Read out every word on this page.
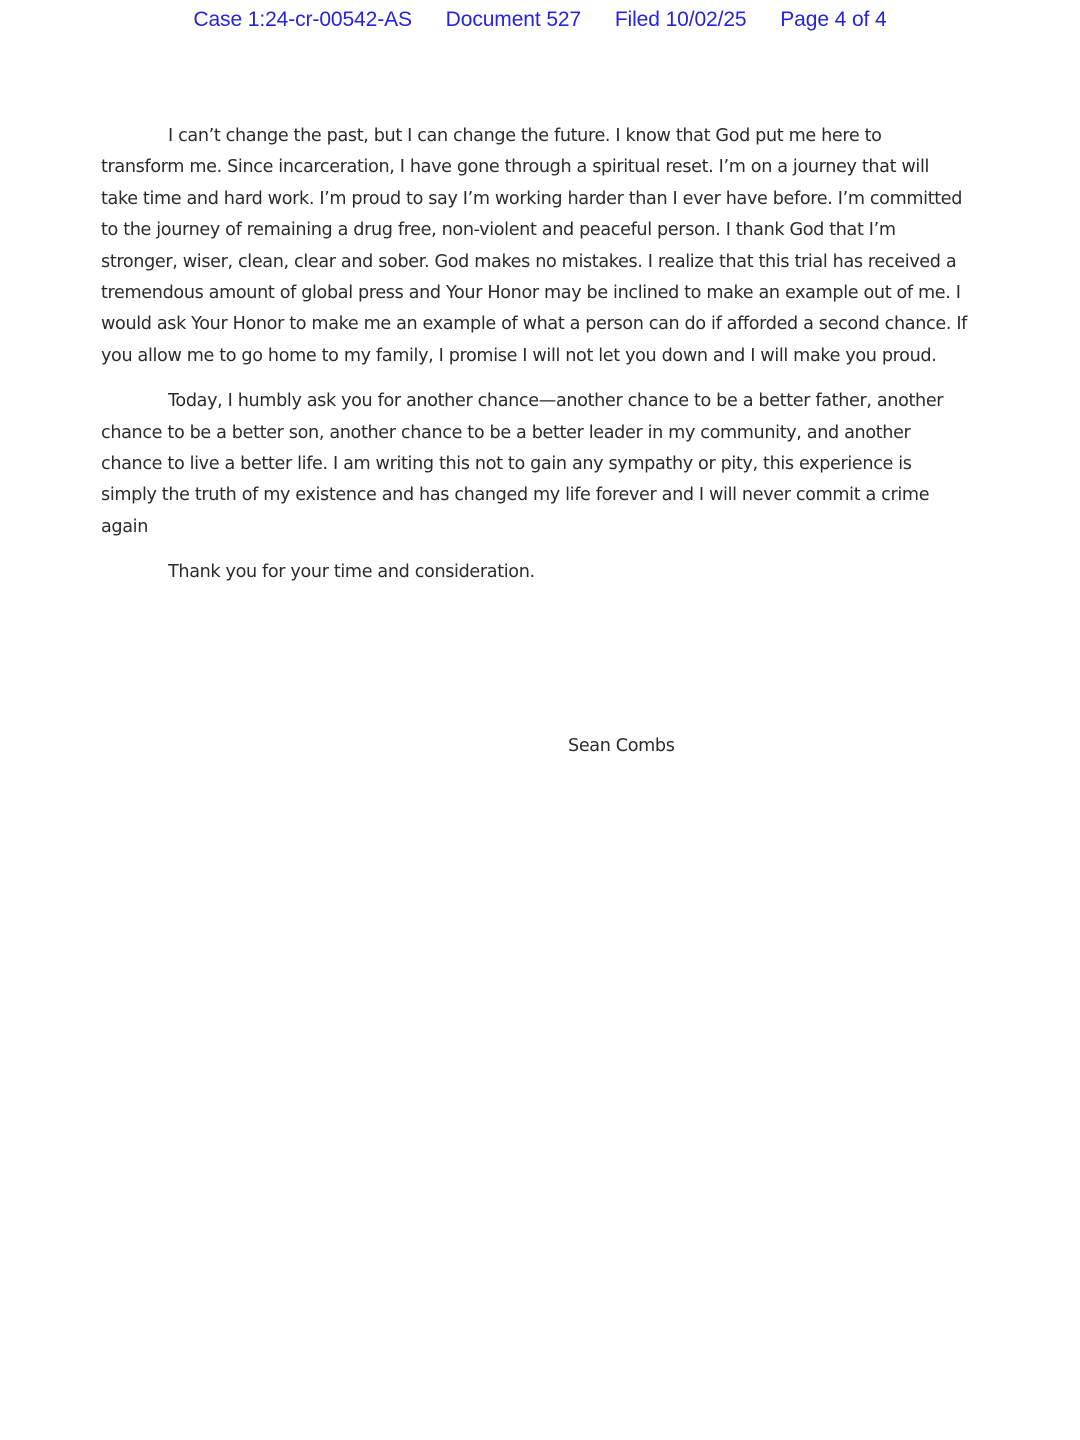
Case 1:24-cr-00542-AS Document 527 Filed 10/02/25 Page 4 of 4

I can’t change the past, but I can change the future. I know that God put me here to transform me. Since incarceration, I have gone through a spiritual reset. I’m on a journey that will take time and hard work. I’m proud to say I’m working harder than I ever have before. I’m committed to the journey of remaining a drug free, non-violent and peaceful person. I thank God that I’m stronger, wiser, clean, clear and sober. God makes no mistakes. I realize that this trial has received a tremendous amount of global press and Your Honor may be inclined to make an example out of me. I would ask Your Honor to make me an example of what a person can do if afforded a second chance. If you allow me to go home to my family, I promise I will not let you down and I will make you proud.

Today, I humbly ask you for another chance—another chance to be a better father, another chance to be a better son, another chance to be a better leader in my community, and another chance to live a better life. I am writing this not to gain any sympathy or pity, this experience is simply the truth of my existence and has changed my life forever and I will never commit a crime again

Thank you for your time and consideration.

Sean Combs
